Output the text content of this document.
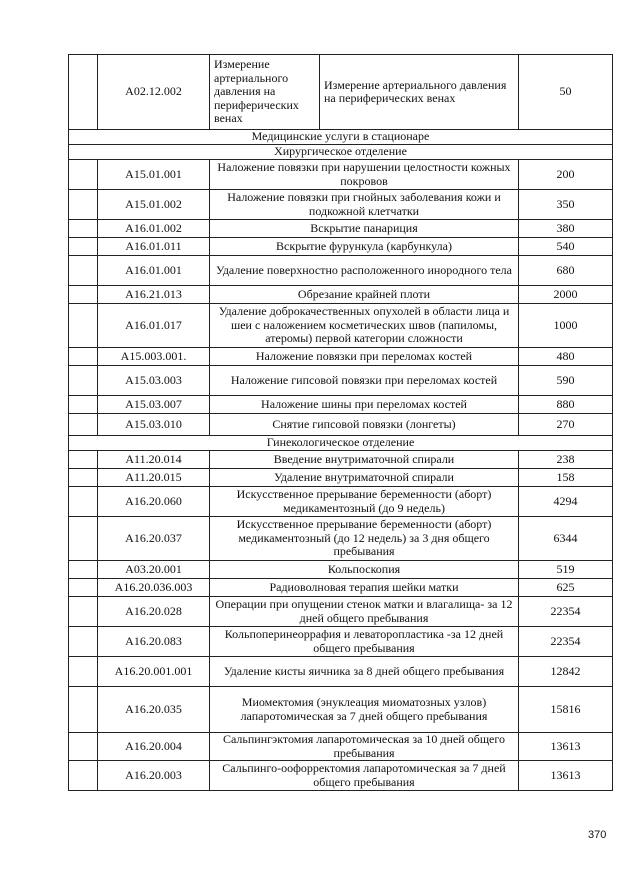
	A02.12.002	Измерение артериального давления на периферических венах	Измерение артериального давления на периферических венах	50
Медицинские услуги в стационаре				
Хирургическое отделение				
	A15.01.001	Наложение повязки при нарушении целостности кожных покровов		200
	A15.01.002	Наложение повязки при гнойных заболевания кожи и подкожной клетчатки		350
	A16.01.002	Вскрытие панариция		380
	A16.01.011	Вскрытие фурункула (карбункула)		540
	A16.01.001	Удаление поверхностно расположенного инородного тела		680
	A16.21.013	Обрезание крайней плоти		2000
	A16.01.017	Удаление доброкачественных опухолей в области лица и шеи с наложением косметических швов (папиломы, атеромы) первой категории сложности		1000
	A15.003.001.	Наложение повязки при переломах костей		480
	A15.03.003	Наложение гипсовой повязки при переломах костей		590
	A15.03.007	Наложение шины при переломах костей		880
	A15.03.010	Снятие гипсовой повязки (лонгеты)		270
Гинекологическое отделение				
	A11.20.014	Введение внутриматочной спирали		238
	A11.20.015	Удаление внутриматочной спирали		158
	A16.20.060	Искусственное прерывание беременности (аборт) медикаментозный (до 9 недель)		4294
	A16.20.037	Искусственное прерывание беременности (аборт) медикаментозный (до 12 недель) за 3 дня общего пребывания		6344
	A03.20.001	Кольпоскопия		519
	A16.20.036.003	Радиоволновая терапия шейки матки		625
	A16.20.028	Операции при опущении стенок матки и влагалища- за 12 дней общего пребывания		22354
	A16.20.083	Кольпоперинеоррафия и леваторопластика -за 12 дней общего пребывания		22354
	A16.20.001.001	Удаление кисты яичника за 8 дней общего пребывания		12842
	A16.20.035	Миомектомия (энуклеация миоматозных узлов) лапаротомическая за 7 дней общего пребывания		15816
	A16.20.004	Сальпингэктомия лапаротомическая за 10 дней общего пребывания		13613
	A16.20.003	Сальпинго-оофорректомия лапаротомическая за 7 дней общего пребывания		13613
370
